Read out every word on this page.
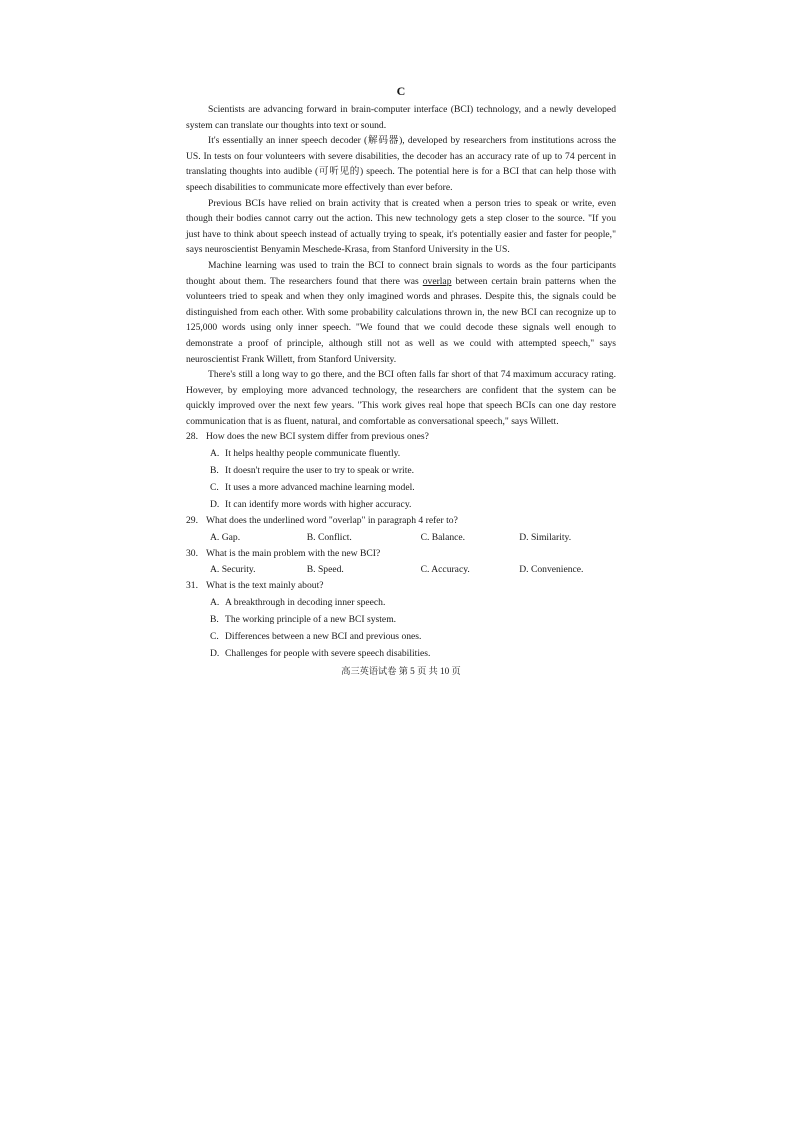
C

Scientists are advancing forward in brain-computer interface (BCI) technology, and a newly developed system can translate our thoughts into text or sound.

It's essentially an inner speech decoder (解码器), developed by researchers from institutions across the US. In tests on four volunteers with severe disabilities, the decoder has an accuracy rate of up to 74 percent in translating thoughts into audible (可听见的) speech. The potential here is for a BCI that can help those with speech disabilities to communicate more effectively than ever before.

Previous BCIs have relied on brain activity that is created when a person tries to speak or write, even though their bodies cannot carry out the action. This new technology gets a step closer to the source. "If you just have to think about speech instead of actually trying to speak, it's potentially easier and faster for people," says neuroscientist Benyamin Meschede-Krasa, from Stanford University in the US.

Machine learning was used to train the BCI to connect brain signals to words as the four participants thought about them. The researchers found that there was overlap between certain brain patterns when the volunteers tried to speak and when they only imagined words and phrases. Despite this, the signals could be distinguished from each other. With some probability calculations thrown in, the new BCI can recognize up to 125,000 words using only inner speech. "We found that we could decode these signals well enough to demonstrate a proof of principle, although still not as well as we could with attempted speech," says neuroscientist Frank Willett, from Stanford University.

There's still a long way to go there, and the BCI often falls far short of that 74 maximum accuracy rating. However, by employing more advanced technology, the researchers are confident that the system can be quickly improved over the next few years. "This work gives real hope that speech BCIs can one day restore communication that is as fluent, natural, and comfortable as conversational speech," says Willett.

28. How does the new BCI system differ from previous ones?
A. It helps healthy people communicate fluently.
B. It doesn't require the user to try to speak or write.
C. It uses a more advanced machine learning model.
D. It can identify more words with higher accuracy.
29. What does the underlined word "overlap" in paragraph 4 refer to?
A. Gap.	B. Conflict.	C. Balance.	D. Similarity.
30. What is the main problem with the new BCI?
A. Security.	B. Speed.	C. Accuracy.	D. Convenience.
31. What is the text mainly about?
A. A breakthrough in decoding inner speech.
B. The working principle of a new BCI system.
C. Differences between a new BCI and previous ones.
D. Challenges for people with severe speech disabilities.
高三英语试卷 第 5 页 共 10 页
